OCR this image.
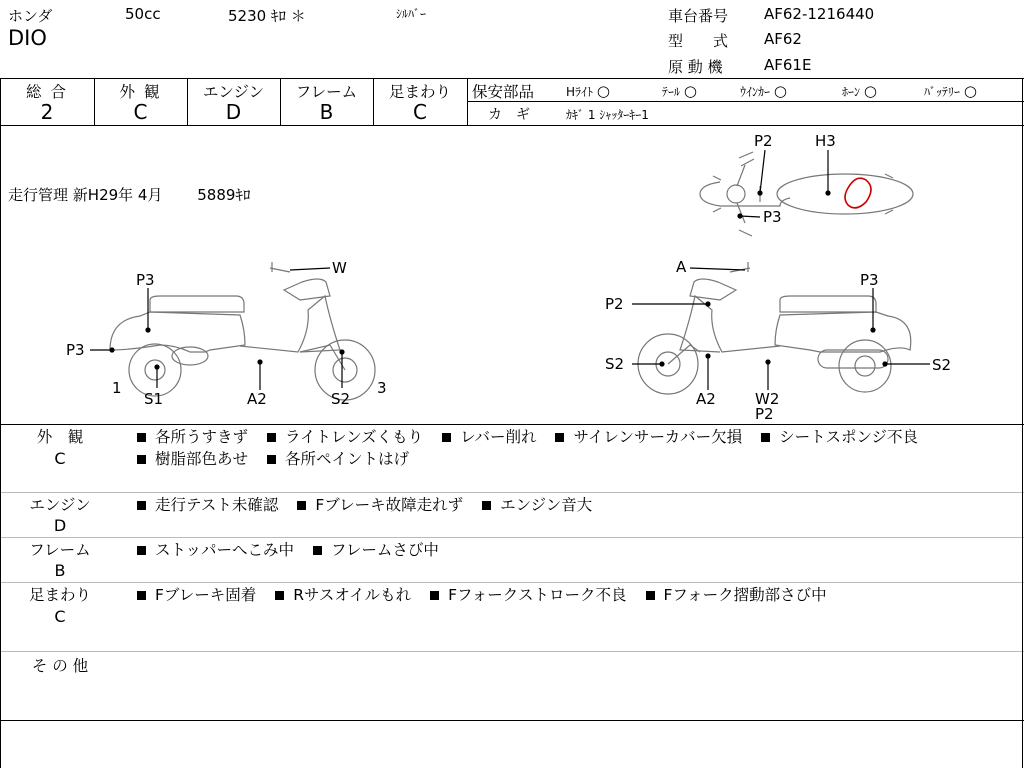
ホンダ	50cc	5230 ｷﾛ ＊	ｼﾙﾊﾞｰ
DIO
車台番号 AF62-1216440
型　　式 AF62
原 動 機	AF61E
総 合
2
外 観
C
エンジン
D
フレーム
B
足まわり
C
保安部品	Hﾗｲﾄ ○	ﾃｰﾙ ○	ｳｲﾝｶｰ ○	ﾎｰﾝ ○	ﾊﾞｯﾃﾘｰ ○
カ　ギ	ｶｷﾞ 1 ｼｬｯﾀｰｷｰ1
走行管理 新H29年 4月 5889ｷﾛ
P2	H3
P3
P3
W
P3
1
S1	A2	S2
3
A
P3
P2
S2	S2
A2	W2
P2
外　観
C
各所うすきず ライトレンズくもり レバー削れ サイレンサーカバー欠損 シートスポンジ不良
樹脂部色あせ 各所ペイントはげ
エンジン
D
走行テスト未確認 Fブレーキ故障走れず エンジン音大
フレーム
B
ストッパーへこみ中 フレームさび中
足まわり
C
Fブレーキ固着 Rサスオイルもれ Fフォークストローク不良 Fフォーク摺動部さび中
そ の 他
